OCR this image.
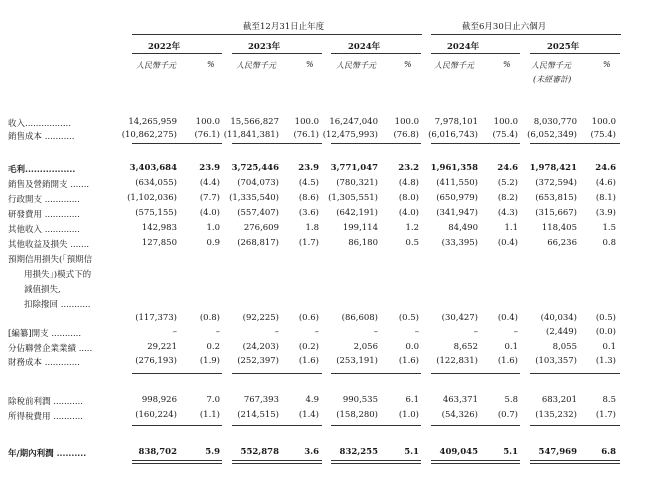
截至12月31日止年度	截至6月30日止六個月
2022年	2023年	2024年	2024年	2025年
人民幣千元	%	人民幣千元	%	人民幣千元	%	人民幣千元	%	人民幣千元	%
(未經審計)
收入.................	14,265,959 100.0 15,566,827 100.0 16,247,040 100.0 7,978,101 100.0 8,030,770 100.0
銷售成本 ...........	(10,862,275) (76.1) (11,841,381) (76.1) (12,475,993) (76.8) (6,016,743) (75.4) (6,052,349) (75.4)
毛利.................	3,403,684	23.9 3,725,446 23.9 3,771,047 23.2 1,961,358 24.6 1,978,421 24.6
銷售及營銷開支 .......	(634,055)	(4.4) (704,073) (4.5) (780,321) (4.8) (411,550) (5.2) (372,594) (4.6)
行政開支 .............	(1,102,036)	(7.7) (1,335,540) (8.6) (1,305,551) (8.0) (650,979) (8.2) (653,815) (8.1)
研發費用 .............	(575,155)	(4.0) (557,407) (3.6) (642,191) (4.0) (341,947) (4.3) (315,667) (3.9)
其他收入 .............	142,983	1.0	276,609	1.8	199,114	1.2	84,490	1.1	118,405	1.5
其他收益及損失 .......	127,850	0.9 (268,817) (1.7)	86,180	0.5	(33,395) (0.4)	66,236	0.8
預期信用損失(「預期信
用損失」)模式下的
減值損失,
扣除撥回 ...........
(117,373)	(0.8)	(92,225) (0.6)	(86,608) (0.5)	(30,427) (0.4)	(40,034) (0.5)
[編纂]開支 ...........	–	–	–	–	–	–	–	–	(2,449) (0.0)
分佔聯營企業業績 .....	29,221	0.2	(24,203) (0.2)	2,056	0.0	8,652	0.1	8,055	0.1
財務成本 .............	(276,193)	(1.9) (252,397) (1.6) (253,191) (1.6) (122,831) (1.6) (103,357) (1.3)
除稅前利潤 ...........	998,926	7.0	767,393	4.9	990,535	6.1	463,371	5.8	683,201	8.5
所得稅費用 ...........	(160,224)	(1.1) (214,515) (1.4) (158,280) (1.0)	(54,326) (0.7) (135,232) (1.7)
年/期內利潤 ..........	838,702	5.9 552,878	3.6 832,255	5.1 409,045	5.1 547,969	6.8
